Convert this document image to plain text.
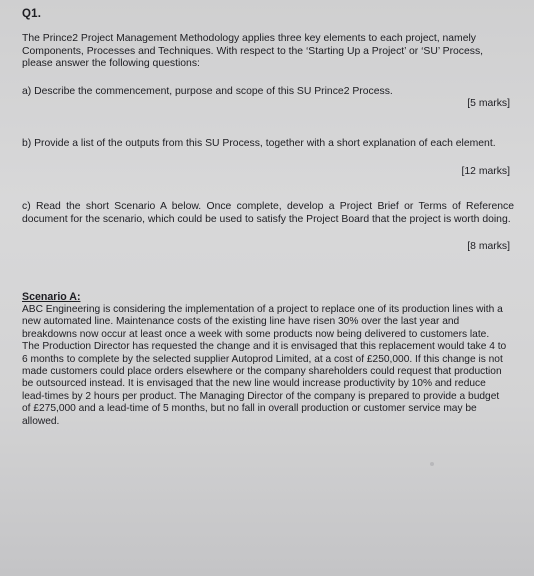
Q1.
The Prince2 Project Management Methodology applies three key elements to each project, namely Components, Processes and Techniques. With respect to the ‘Starting Up a Project’ or ‘SU’ Process, please answer the following questions:
a) Describe the commencement, purpose and scope of this SU Prince2 Process.
[5 marks]
b) Provide a list of the outputs from this SU Process, together with a short explanation of each element.
[12 marks]
c) Read the short Scenario A below. Once complete, develop a Project Brief or Terms of Reference document for the scenario, which could be used to satisfy the Project Board that the project is worth doing.
[8 marks]
Scenario A:
ABC Engineering is considering the implementation of a project to replace one of its production lines with a new automated line. Maintenance costs of the existing line have risen 30% over the last year and breakdowns now occur at least once a week with some products now being delivered to customers late. The Production Director has requested the change and it is envisaged that this replacement would take 4 to 6 months to complete by the selected supplier Autoprod Limited, at a cost of £250,000. If this change is not made customers could place orders elsewhere or the company shareholders could request that production be outsourced instead. It is envisaged that the new line would increase productivity by 10% and reduce lead-times by 2 hours per product. The Managing Director of the company is prepared to provide a budget of £275,000 and a lead-time of 5 months, but no fall in overall production or customer service may be allowed.
